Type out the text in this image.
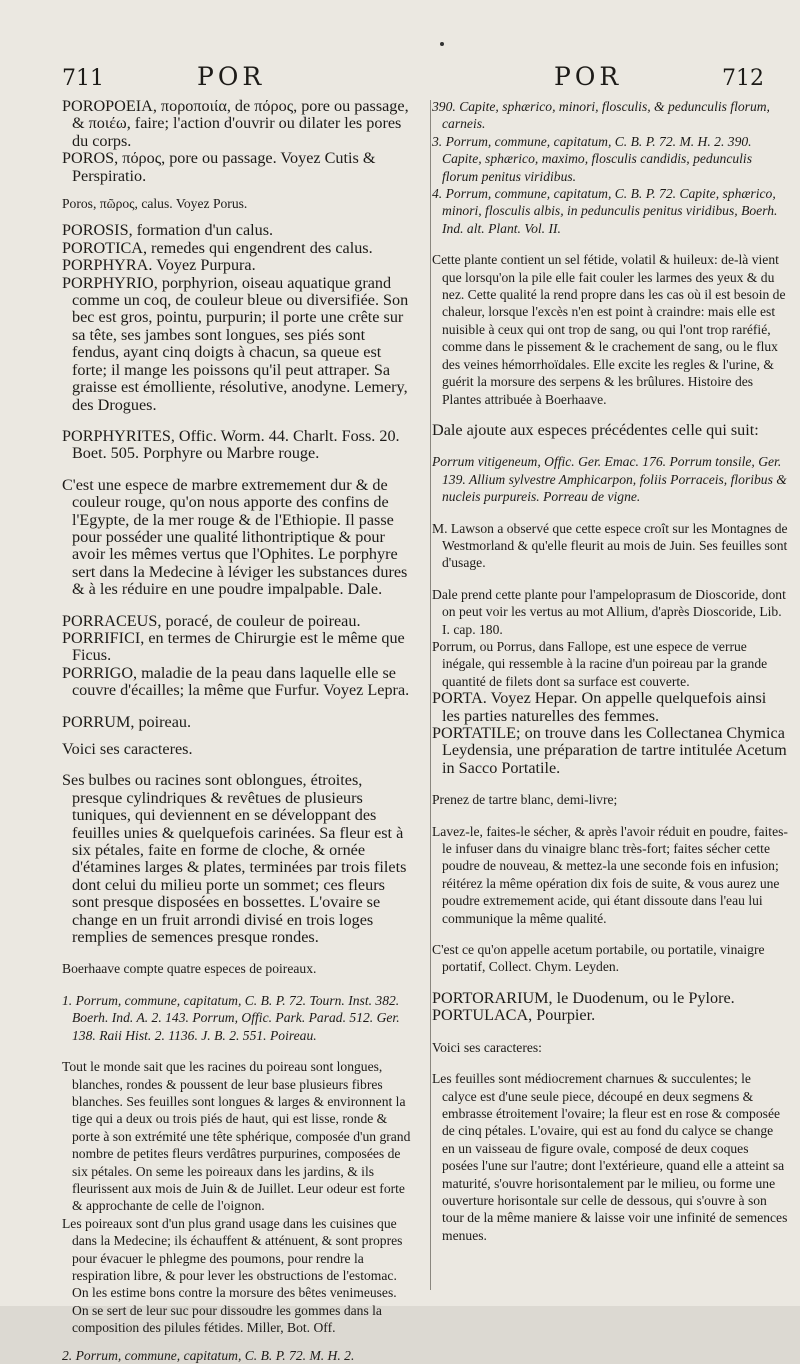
711	POR	POR	712

POROPOEIA, πορoποιία, de πόρος, pore ou passage, & ποιέω, faire; l'action d'ouvrir ou dilater les pores du corps.

POROS, πόρος, pore ou passage. Voyez Cutis & Perspiratio.

Poros, πῶρος, calus. Voyez Porus.

POROSIS, formation d'un calus.

POROTICA, remedes qui engendrent des calus.

PORPHYRA. Voyez Purpura.

PORPHYRIO, porphyrion, oiseau aquatique grand comme un coq, de couleur bleue ou diversifiée. Son bec est gros, pointu, purpurin; il porte une crête sur sa tête, ses jambes sont longues, ses piés sont fendus, ayant cinq doigts à chacun, sa queue est forte; il mange les poissons qu'il peut attraper. Sa graisse est émolliente, résolutive, anodyne. Lemery, des Drogues.

PORPHYRITES, Offic. Worm. 44. Charlt. Foss. 20. Boet. 505. Porphyre ou Marbre rouge.

C'est une espece de marbre extremement dur & de couleur rouge, qu'on nous apporte des confins de l'Egypte, de la mer rouge & de l'Ethiopie. Il passe pour posséder une qualité lithontriptique & pour avoir les mêmes vertus que l'Ophites. Le porphyre sert dans la Medecine à léviger les substances dures & à les réduire en une poudre impalpable. Dale.

PORRACEUS, poracé, de couleur de poireau.

PORRIFICI, en termes de Chirurgie est le même que Ficus.

PORRIGO, maladie de la peau dans laquelle elle se couvre d'écailles; la même que Furfur. Voyez Lepra.

PORRUM, poireau.

Voici ses caracteres.

Ses bulbes ou racines sont oblongues, étroites, presque cylindriques & revêtues de plusieurs tuniques, qui deviennent en se développant des feuilles unies & quelquefois carinées. Sa fleur est à six pétales, faite en forme de cloche, & ornée d'étamines larges & plates, terminées par trois filets dont celui du milieu porte un sommet; ces fleurs sont presque disposées en bossettes. L'ovaire se change en un fruit arrondi divisé en trois loges remplies de semences presque rondes.

Boerhaave compte quatre especes de poireaux.

1. Porrum, commune, capitatum, C. B. P. 72. Tourn. Inst. 382. Boerh. Ind. A. 2. 143. Porrum, Offic. Park. Parad. 512. Ger. 138. Raii Hist. 2. 1136. J. B. 2. 551. Poireau.

Tout le monde sait que les racines du poireau sont longues, blanches, rondes & poussent de leur base plusieurs fibres blanches. Ses feuilles sont longues & larges & environnent la tige qui a deux ou trois piés de haut, qui est lisse, ronde & porte à son extrémité une tête sphérique, composée d'un grand nombre de petites fleurs verdâtres purpurines, composées de six pétales. On seme les poireaux dans les jardins, & ils fleurissent aux mois de Juin & de Juillet. Leur odeur est forte & approchante de celle de l'oignon.

Les poireaux sont d'un plus grand usage dans les cuisines que dans la Medecine; ils échauffent & atténuent, & sont propres pour évacuer le phlegme des poumons, pour rendre la respiration libre, & pour lever les obstructions de l'estomac. On les estime bons contre la morsure des bêtes venimeuses. On se sert de leur suc pour dissoudre les gommes dans la composition des pilules fétides. Miller, Bot. Off.

2. Porrum, commune, capitatum, C. B. P. 72. M. H. 2.

390. Capite, sphærico, minori, flosculis, & pedunculis florum, carneis.

3. Porrum, commune, capitatum, C. B. P. 72. M. H. 2. 390. Capite, sphærico, maximo, flosculis candidis, pedunculis florum penitus viridibus.

4. Porrum, commune, capitatum, C. B. P. 72. Capite, sphærico, minori, flosculis albis, in pedunculis penitus viridibus, Boerh. Ind. alt. Plant. Vol. II.

Cette plante contient un sel fétide, volatil & huileux: de-là vient que lorsqu'on la pile elle fait couler les larmes des yeux & du nez. Cette qualité la rend propre dans les cas où il est besoin de chaleur, lorsque l'excès n'en est point à craindre: mais elle est nuisible à ceux qui ont trop de sang, ou qui l'ont trop raréfié, comme dans le pissement & le crachement de sang, ou le flux des veines hémorrhoïdales. Elle excite les regles & l'urine, & guérit la morsure des serpens & les brûlures. Histoire des Plantes attribuée à Boerhaave.

Dale ajoute aux especes précédentes celle qui suit:

Porrum vitigeneum, Offic. Ger. Emac. 176. Porrum tonsile, Ger. 139. Allium sylvestre Amphicarpon, foliis Porraceis, floribus & nucleis purpureis. Porreau de vigne.

M. Lawson a observé que cette espece croît sur les Montagnes de Westmorland & qu'elle fleurit au mois de Juin. Ses feuilles sont d'usage.

Dale prend cette plante pour l'ampeloprasum de Dioscoride, dont on peut voir les vertus au mot Allium, d'après Dioscoride, Lib. I. cap. 180.

Porrum, ou Porrus, dans Fallope, est une espece de verrue inégale, qui ressemble à la racine d'un poireau par la grande quantité de filets dont sa surface est couverte.

PORTA. Voyez Hepar. On appelle quelquefois ainsi les parties naturelles des femmes.

PORTATILE; on trouve dans les Collectanea Chymica Leydensia, une préparation de tartre intitulée Acetum in Sacco Portatile.

Prenez de tartre blanc, demi-livre;

Lavez-le, faites-le sécher, & après l'avoir réduit en poudre, faites-le infuser dans du vinaigre blanc très-fort; faites sécher cette poudre de nouveau, & mettez-la une seconde fois en infusion; réitérez la même opération dix fois de suite, & vous aurez une poudre extremement acide, qui étant dissoute dans l'eau lui communique la même qualité.

C'est ce qu'on appelle acetum portabile, ou portatile, vinaigre portatif, Collect. Chym. Leyden.

PORTORARIUM, le Duodenum, ou le Pylore.

PORTULACA, Pourpier.

Voici ses caracteres:

Les feuilles sont médiocrement charnues & succulentes; le calyce est d'une seule piece, découpé en deux segmens & embrasse étroitement l'ovaire; la fleur est en rose & composée de cinq pétales. L'ovaire, qui est au fond du calyce se change en un vaisseau de figure ovale, composé de deux coques posées l'une sur l'autre; dont l'extérieure, quand elle a atteint sa maturité, s'ouvre horisontalement par le milieu, ou forme une ouverture horisontale sur celle de dessous, qui s'ouvre à son tour de la même maniere & laisse voir une infinité de semences menues.
